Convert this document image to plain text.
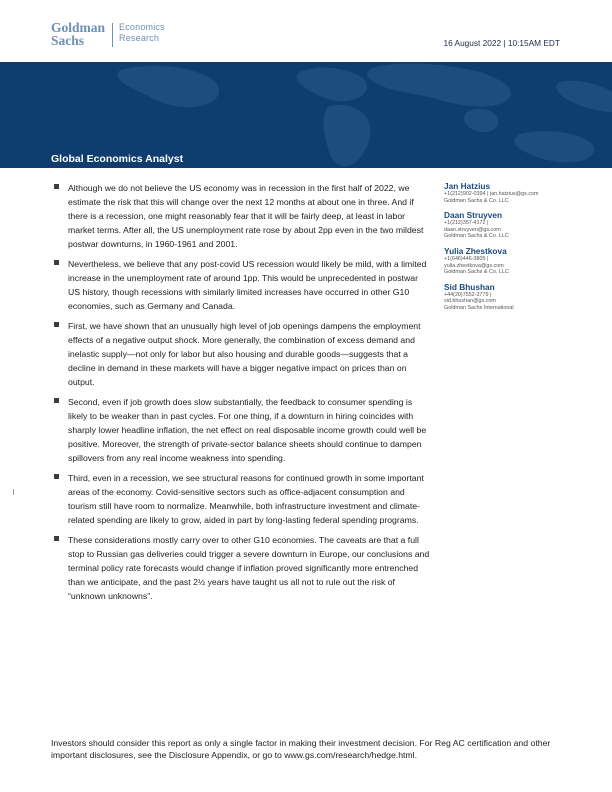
Goldman
Sachs
Economics
Research	16 August 2022 | 10:15AM EDT
Global Economics Analyst

Although we do not believe the US economy was in recession in the first half of 2022, we estimate the risk that this will change over the next 12 months at about one in three. And if there is a recession, one might reasonably fear that it will be fairly deep, at least in labor market terms. After all, the US unemployment rate rose by about 2pp even in the two mildest postwar downturns, in 1960-1961 and 2001.

Nevertheless, we believe that any post-covid US recession would likely be mild, with a limited increase in the unemployment rate of around 1pp. This would be unprecedented in postwar US history, though recessions with similarly limited increases have occurred in other G10 economies, such as Germany and Canada.

First, we have shown that an unusually high level of job openings dampens the employment effects of a negative output shock. More generally, the combination of excess demand and inelastic supply—not only for labor but also housing and durable goods—suggests that a decline in demand in these markets will have a bigger negative impact on prices than on output.

Second, even if job growth does slow substantially, the feedback to consumer spending is likely to be weaker than in past cycles. For one thing, if a downturn in hiring coincides with sharply lower headline inflation, the net effect on real disposable income growth could well be positive. Moreover, the strength of private-sector balance sheets should continue to dampen spillovers from any real income weakness into spending.

Third, even in a recession, we see structural reasons for continued growth in some important areas of the economy. Covid-sensitive sectors such as office-adjacent consumption and tourism still have room to normalize. Meanwhile, both infrastructure investment and climate-related spending are likely to grow, aided in part by long-lasting federal spending programs.

These considerations mostly carry over to other G10 economies. The caveats are that a full stop to Russian gas deliveries could trigger a severe downturn in Europe, our conclusions and terminal policy rate forecasts would change if inflation proved significantly more entrenched than we anticipate, and the past 2½ years have taught us all not to rule out the risk of “unknown unknowns”.

Jan Hatzius
+1(212)902-0394 | jan.hatzius@gs.com
Goldman Sachs & Co. LLC
Daan Struyven
+1(212)357-4172 |
daan.struyven@gs.com
Goldman Sachs & Co. LLC
Yulia Zhestkova
+1(646)446-3805 |
yulia.zhestkova@gs.com
Goldman Sachs & Co. LLC
Sid Bhushan
+44(20)7552-3779 |
sid.bhushan@gs.com
Goldman Sachs International
Investors should consider this report as only a single factor in making their investment decision. For Reg AC certification and other important disclosures, see the Disclosure Appendix, or go to www.gs.com/research/hedge.html.
